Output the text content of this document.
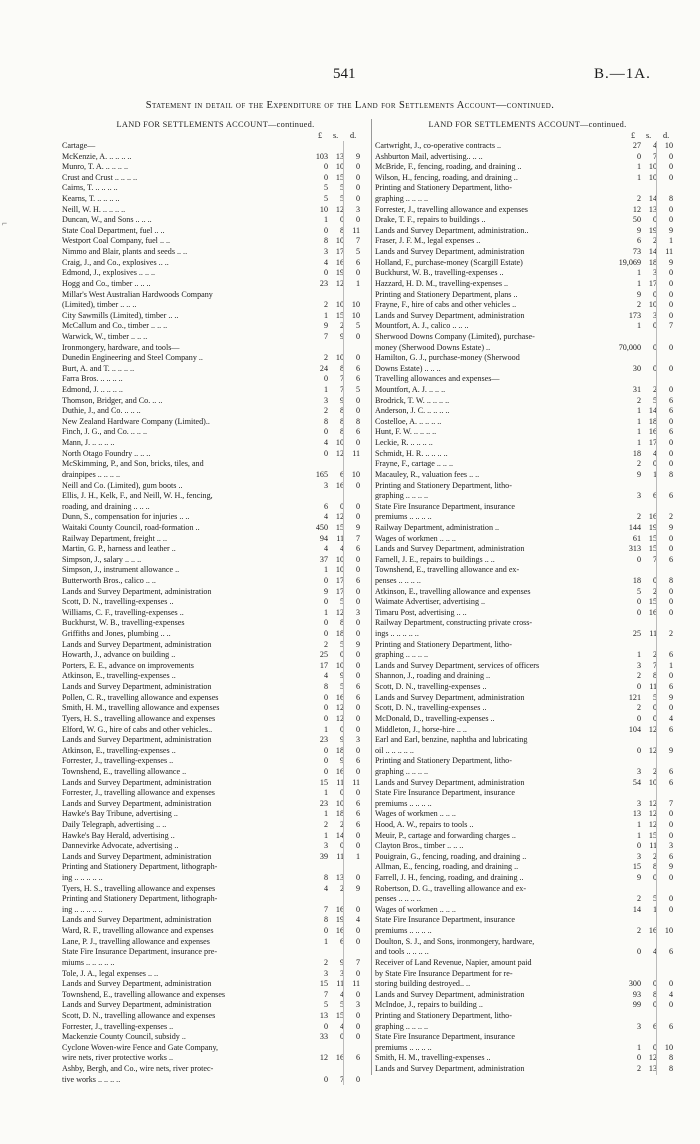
541	B.—1A.
Statement in detail of the Expenditure of the Land for Settlements Account—continued.
⌐
LAND FOR SETTLEMENTS ACCOUNT—continued.
£ s. d.
Cartage—
McKenzie, A. .. .. .. ..	103 13	9
Munro, T. A. .. .. .. ..	0 10	0
Crust and Crust .. .. .. ..	0 15	0
Cairns, T. .. .. .. ..	5	5	0
Kearns, T. .. .. .. ..	5	5	0
Neill, W. H. .. .. .. ..	10 12	3
Duncan, W., and Sons .. .. ..	1	0	0
State Coal Department, fuel .. ..	0	8	11
Westport Coal Company, fuel .. ..	8 10	7
Nimmo and Blair, plants and seeds .. ..	3 17	5
Craig, J., and Co., explosives .. ..	4 16	6
Edmond, J., explosives .. .. ..	0 19	0
Hogg and Co., timber .. .. ..	23 12	1
Millar's West Australian Hardwoods Company
(Limited), timber .. .. ..	2 10 10
City Sawmills (Limited), timber .. ..	1 15 10
McCallum and Co., timber .. .. ..	9	2	5
Warwick, W., timber .. .. ..	7	9	0
Ironmongery, hardware, and tools—
Dunedin Engineering and Steel Company ..	2 10	0
Burt, A. and T. .. .. .. ..	24	8	6
Farra Bros. .. .. .. ..	0	7	6
Edmond, J. .. .. .. ..	1	7	5
Thomson, Bridger, and Co. .. ..	3	9	0
Duthie, J., and Co. .. .. ..	2	8	0
New Zealand Hardware Company (Limited)..	8	8	8
Finch, J. G., and Co. .. .. ..	0	8	6
Mann, J. .. .. .. ..	4 10	0
North Otago Foundry .. .. ..	0 12	11
McSkimming, P., and Son, bricks, tiles, and
drainpipes .. .. .. ..	165	6 10
Neill and Co. (Limited), gum boots ..	3 16	0
Ellis, J. H., Kelk, F., and Neill, W. H., fencing,
roading, and draining .. .. ..	6	0	0
Dunn, S., compensation for injuries .. ..	4 12	0
Waitaki County Council, road-formation ..	450 15	9
Railway Department, freight .. ..	94	11	7
Martin, G. P., harness and leather ..	4	4	6
Simpson, J., salary .. .. ..	37 10	0
Simpson, J., instrument allowance ..	1 10	0
Butterworth Bros., calico .. ..	0 17	6
Lands and Survey Department, administration	9 17	0
Scott, D. N., travelling-expenses ..	0	5	0
Williams, C. F., travelling-expenses ..	1 12	3
Buckhurst, W. B., travelling-expenses	0	8	0
Griffiths and Jones, plumbing .. ..	0 18	0
Lands and Survey Department, administration	2	5	9
Howarth, J., advance on building ..	25	0	0
Porters, E. E., advance on improvements	17 10	0
Atkinson, E., travelling-expenses ..	4	9	0
Lands and Survey Department, administration	8	5	6
Pollen, C. R., travelling allowance and expenses	0 16	6
Smith, H. M., travelling allowance and expenses	0 12	0
Tyers, H. S., travelling allowance and expenses	0 12	0
Elford, W. G., hire of cabs and other vehicles..	1	0	0
Lands and Survey Department, administration	23	9	3
Atkinson, E., travelling-expenses ..	0 18	0
Forrester, J., travelling-expenses ..	0	9	6
Townshend, E., travelling allowance ..	0 16	0
Lands and Survey Department, administration	15	11	11
Forrester, J., travelling allowance and expenses	1	0	0
Lands and Survey Department, administration	23 10	6
Hawke's Bay Tribune, advertising ..	1 18	6
Daily Telegraph, advertising .. ..	2	2	6
Hawke's Bay Herald, advertising ..	1 14	0
Dannevirke Advocate, advertising ..	3	0	0
Lands and Survey Department, administration	39	11	1
Printing and Stationery Department, lithograph-
ing .. .. .. .. ..	8 13	0
Tyers, H. S., travelling allowance and expenses	4	2	9
Printing and Stationery Department, lithograph-
ing .. .. .. .. ..	7 16	0
Lands and Survey Department, administration	8 19	4
Ward, R. F., travelling allowance and expenses	0 16	0
Lane, P. J., travelling allowance and expenses	1	6	0
State Fire Insurance Department, insurance pre-
miums .. .. .. .. ..	2	9	7
Tole, J. A., legal expenses .. ..	3	3	0
Lands and Survey Department, administration	15	11	11
Townshend, E., travelling allowance and expenses	7	4	0
Lands and Survey Department, administration	5	5	3
Scott, D. N., travelling allowance and expenses	13 15	0
Forrester, J., travelling-expenses ..	0	4	0
Mackenzie County Council, subsidy ..	33	0	0
Cyclone Woven-wire Fence and Gate Company,
wire nets, river protective works ..	12 16	6
Ashby, Bergh, and Co., wire nets, river protec-
tive works .. .. .. ..	0	7	0
LAND FOR SETTLEMENTS ACCOUNT—continued.
£ s. d.
Cartwright, J., co-operative contracts ..	27	4 10
Ashburton Mail, advertising.. .. ..	0	7	0
McBride, F., fencing, roading, and draining ..	1 10	0
Wilson, H., fencing, roading, and draining ..	1 10	0
Printing and Stationery Department, litho-
graphing .. .. .. ..	2 14	8
Forrester, J., travelling allowance and expenses	12 13	0
Drake, T. F., repairs to buildings ..	50	0	0
Lands and Survey Department, administration..	9 19	9
Fraser, J. F. M., legal expenses ..	6	2	1
Lands and Survey Department, administration	73 14	11
Holland, F., purchase-money (Scargill Estate)	19,069 18	9
Buckhurst, W. B., travelling-expenses ..	1	3	0
Hazzard, H. D. M., travelling-expenses ..	1 17	0
Printing and Stationery Department, plans ..	9	0	0
Frayne, F., hire of cabs and other vehicles ..	2 10	0
Lands and Survey Department, administration	173	3	0
Mountfort, A. J., calico .. .. ..	1	0	7
Sherwood Downs Company (Limited), purchase-
money (Sherwood Downs Estate) ..	70,000	0	0
Hamilton, G. J., purchase-money (Sherwood
Downs Estate) .. .. ..	30	0	0
Travelling allowances and expenses—
Mountfort, A. J. .. .. ..	31	2	0
Brodrick, T. W. .. .. .. ..	2	5	6
Anderson, J. C. .. .. .. ..	1 14	6
Costelloe, A. .. .. .. ..	1 18	0
Hunt, F. W. .. .. .. ..	1 16	6
Leckie, R. .. .. .. ..	1 17	0
Schmidt, H. R. .. .. .. ..	18	4	0
Frayne, F., cartage .. .. ..	2	0	0
Macauley, R., valuation fees .. ..	9	1	8
Printing and Stationery Department, litho-
graphing .. .. .. ..	3	6	6
State Fire Insurance Department, insurance
premiums .. .. .. ..	2 16	2
Railway Department, administration ..	144 19	9
Wages of workmen .. .. ..	61 15	0
Lands and Survey Department, administration	313 15	0
Farnell, J. E., repairs to buildings .. ..	0	7	6
Townshend, E., travelling allowance and ex-
penses .. .. .. ..	18	0	8
Atkinson, E., travelling allowance and expenses	5	2	0
Waimate Advertiser, advertising ..	0 15	0
Timaru Post, advertising .. ..	0 16	0
Railway Department, constructing private cross-
ings .. .. .. .. ..	25	11	2
Printing and Stationery Department, litho-
graphing .. .. .. ..	1	2	6
Lands and Survey Department, services of officers	3	7	1
Shannon, J., roading and draining ..	2	8	0
Scott, D. N., travelling-expenses ..	0	11	6
Lands and Survey Department, administration	121	5	9
Scott, D. N., travelling-expenses ..	2	0	0
McDonald, D., travelling-expenses ..	0	0	4
Middleton, J., horse-hire .. ..	104 12	6
Earl and Earl, benzine, naphtha and lubricating
oil .. .. .. .. ..	0 12	9
Printing and Stationery Department, litho-
graphing .. .. .. ..	3	2	6
Lands and Survey Department, administration	54 10	6
State Fire Insurance Department, insurance
premiums .. .. .. ..	3 12	7
Wages of workmen .. .. ..	13 12	0
Hood, A. W., repairs to tools ..	1 12	0
Meuir, P., cartage and forwarding charges ..	1 15	0
Clayton Bros., timber .. .. ..	0	11	3
Pouigrain, G., fencing, roading, and draining ..	3	2	6
Allman, E., fencing, roading, and draining ..	15	8	9
Farrell, J. H., fencing, roading, and draining ..	9	0	0
Robertson, D. G., travelling allowance and ex-
penses .. .. .. ..	2	5	0
Wages of workmen .. .. ..	14	1	0
State Fire Insurance Department, insurance
premiums .. .. .. ..	2 16 10
Doulton, S. J., and Sons, ironmongery, hardware,
and tools .. .. .. ..	0	4	6
Receiver of Land Revenue, Napier, amount paid
by State Fire Insurance Department for re-
storing building destroyed.. ..	300	0	0
Lands and Survey Department, administration	93	8	4
McIndoe, J., repairs to building ..	99	0	0
Printing and Stationery Department, litho-
graphing .. .. .. ..	3	6	6
State Fire Insurance Department, insurance
premiums .. .. .. ..	1	0 10
Smith, H. M., travelling-expenses ..	0 12	8
Lands and Survey Department, administration	2 13	8
